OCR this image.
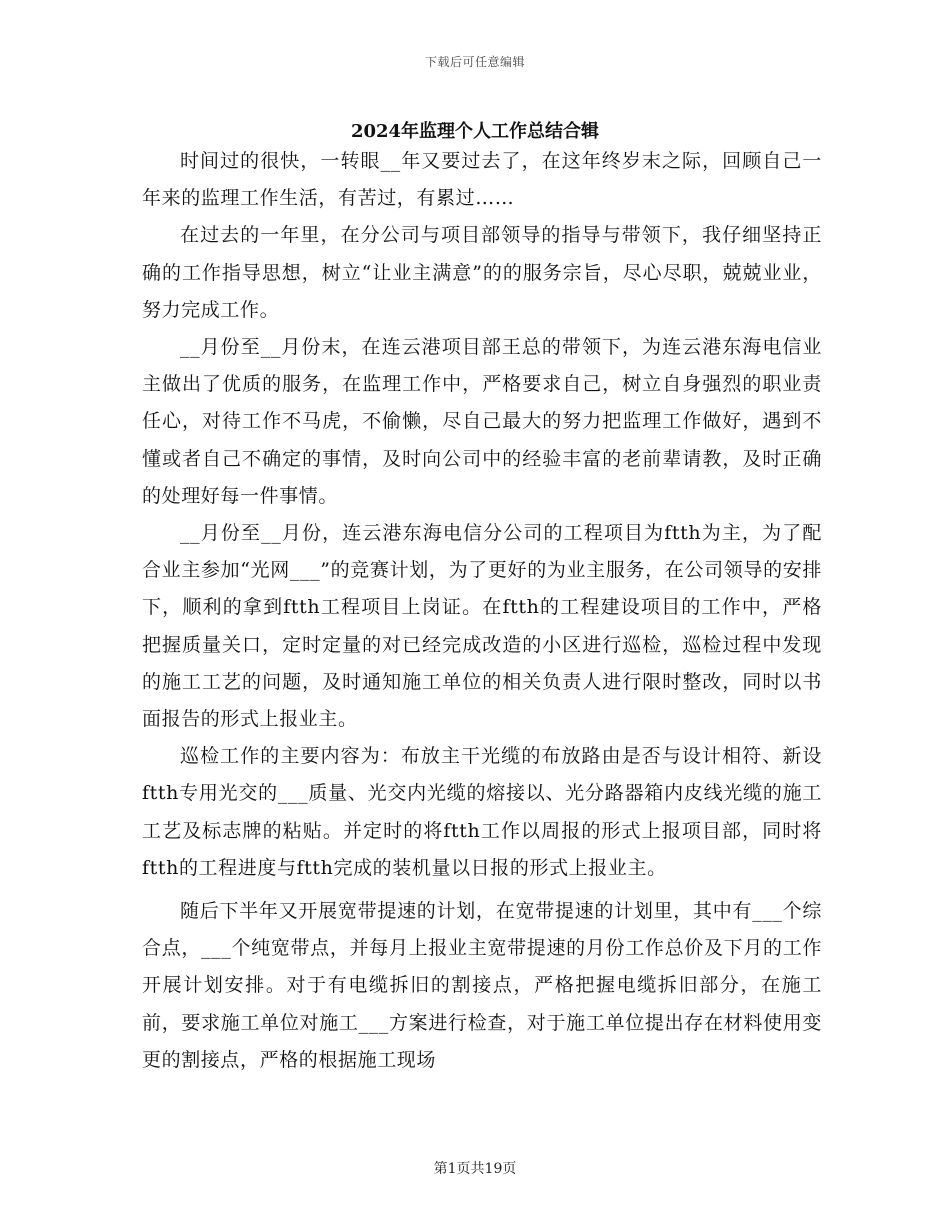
下载后可任意编辑
2024年监理个人工作总结合辑

时间过的很快，一转眼__年又要过去了，在这年终岁末之际，回顾自己一年来的监理工作生活，有苦过，有累过……

在过去的一年里，在分公司与项目部领导的指导与带领下，我仔细坚持正确的工作指导思想，树立“让业主满意”的的服务宗旨，尽心尽职，兢兢业业，努力完成工作。

__月份至__月份末，在连云港项目部王总的带领下，为连云港东海电信业主做出了优质的服务，在监理工作中，严格要求自己，树立自身强烈的职业责任心，对待工作不马虎，不偷懒，尽自己最大的努力把监理工作做好，遇到不懂或者自己不确定的事情，及时向公司中的经验丰富的老前辈请教，及时正确的处理好每一件事情。

__月份至__月份，连云港东海电信分公司的工程项目为ftth为主，为了配合业主参加“光网___”的竞赛计划，为了更好的为业主服务，在公司领导的安排下，顺利的拿到ftth工程项目上岗证。在ftth的工程建设项目的工作中，严格把握质量关口，定时定量的对已经完成改造的小区进行巡检，巡检过程中发现的施工工艺的问题，及时通知施工单位的相关负责人进行限时整改，同时以书面报告的形式上报业主。

巡检工作的主要内容为：布放主干光缆的布放路由是否与设计相符、新设ftth专用光交的___质量、光交内光缆的熔接以、光分路器箱内皮线光缆的施工工艺及标志牌的粘贴。并定时的将ftth工作以周报的形式上报项目部，同时将ftth的工程进度与ftth完成的装机量以日报的形式上报业主。

随后下半年又开展宽带提速的计划，在宽带提速的计划里，其中有___个综合点，___个纯宽带点，并每月上报业主宽带提速的月份工作总价及下月的工作开展计划安排。对于有电缆拆旧的割接点，严格把握电缆拆旧部分，在施工前，要求施工单位对施工___方案进行检查，对于施工单位提出存在材料使用变更的割接点，严格的根据施工现场

第1页共19页
